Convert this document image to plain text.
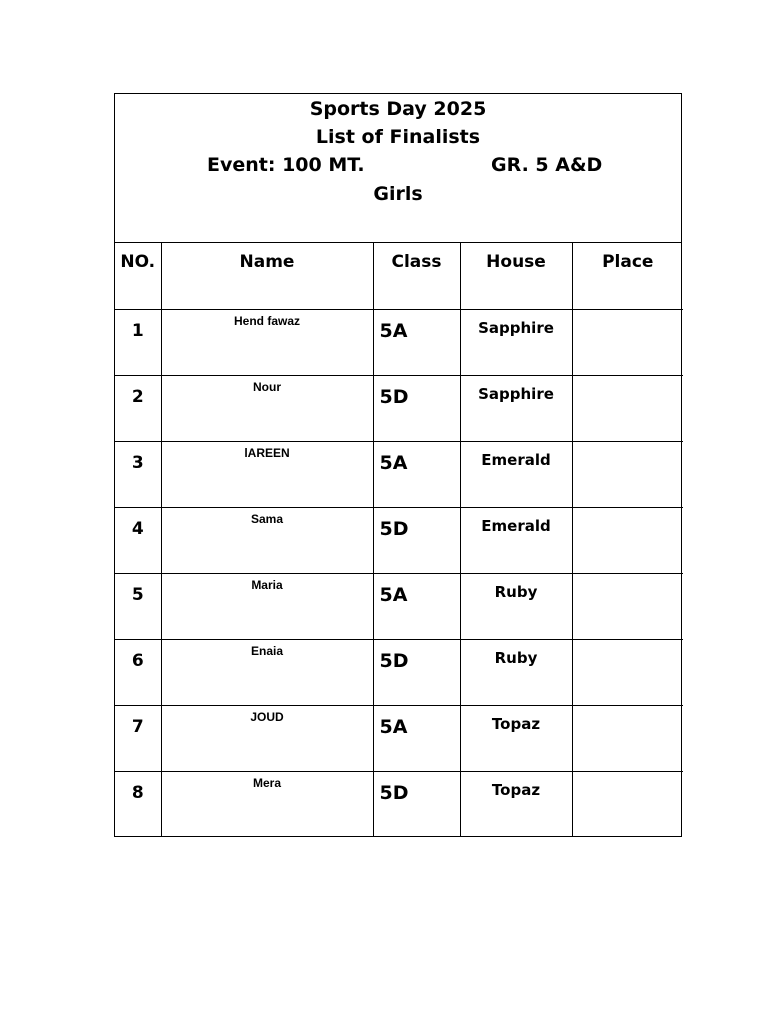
Sports Day 2025
List of Finalists
Event: 100 MT.	GR. 5 A&D
Girls
NO.	Name	Class	House	Place
1	Hend fawaz	5A	Sapphire	
2	Nour	5D	Sapphire	
3	lAREEN	5A	Emerald	
4	Sama	5D	Emerald	
5	Maria	5A	Ruby	
6	Enaia	5D	Ruby	
7	JOUD	5A	Topaz	
8	Mera	5D	Topaz	
